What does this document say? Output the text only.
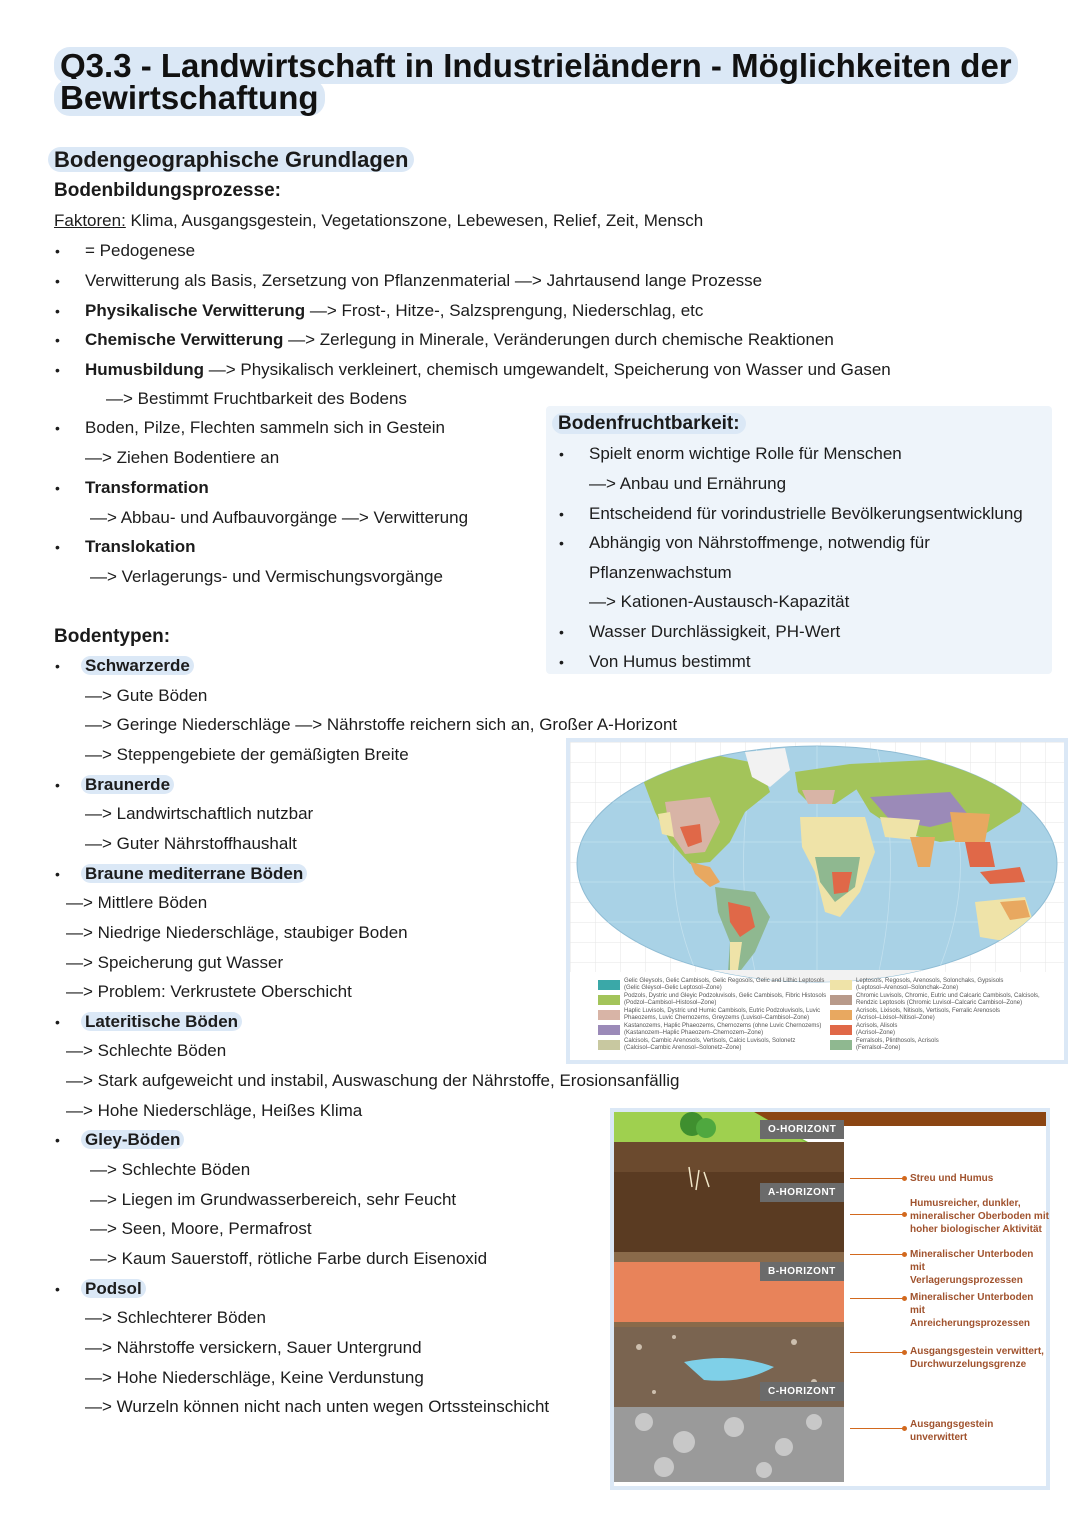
Q3.3 - Landwirtschaft in Industrieländern - Möglichkeiten der Bewirtschaftung
Bodengeographische Grundlagen
Bodenbildungsprozesse:
Faktoren: Klima, Ausgangsgestein, Vegetationszone, Lebewesen, Relief, Zeit, Mensch
• = Pedogenese
• Verwitterung als Basis, Zersetzung von Pflanzenmaterial —> Jahrtausend lange Prozesse
• Physikalische Verwitterung —> Frost-, Hitze-, Salzsprengung, Niederschlag, etc
• Chemische Verwitterung —> Zerlegung in Minerale, Veränderungen durch chemische Reaktionen
• Humusbildung —> Physikalisch verkleinert, chemisch umgewandelt, Speicherung von Wasser und Gasen
—> Bestimmt Fruchtbarkeit des Bodens
• Boden, Pilze, Flechten sammeln sich in Gestein
—> Ziehen Bodentiere an
• Transformation
—> Abbau- und Aufbauvorgänge —> Verwitterung
• Translokation
—> Verlagerungs- und Vermischungsvorgänge
Bodenfruchtbarkeit:
• Spielt enorm wichtige Rolle für Menschen
—> Anbau und Ernährung
• Entscheidend für vorindustrielle Bevölkerungsentwicklung
• Abhängig von Nährstoffmenge, notwendig für
Pflanzenwachstum
—> Kationen-Austausch-Kapazität
• Wasser Durchlässigkeit, PH-Wert
• Von Humus bestimmt
Bodentypen:
• Schwarzerde
—> Gute Böden
—> Geringe Niederschläge —> Nährstoffe reichern sich an, Großer A-Horizont
—> Steppengebiete der gemäßigten Breite
• Braunerde
—> Landwirtschaftlich nutzbar
—> Guter Nährstoffhaushalt
• Braune mediterrane Böden
—> Mittlere Böden
—> Niedrige Niederschläge, staubiger Boden
—> Speicherung gut Wasser
—> Problem: Verkrustete Oberschicht
• Lateritische Böden
—> Schlechte Böden
—> Stark aufgeweicht und instabil, Auswaschung der Nährstoffe, Erosionsanfällig
—> Hohe Niederschläge, Heißes Klima
• Gley-Böden
—> Schlechte Böden
—> Liegen im Grundwasserbereich, sehr Feucht
—> Seen, Moore, Permafrost
—> Kaum Sauerstoff, rötliche Farbe durch Eisenoxid
• Podsol
—> Schlechterer Böden
—> Nährstoffe versickern, Sauer Untergrund
—> Hohe Niederschläge, Keine Verdunstung
—> Wurzeln können nicht nach unten wegen Ortssteinschicht
Gelic Gleysols, Gelic Cambisols, Gelic Regosols, Gelic and Lithic Leptosols
(Gelic Gleysol–Gelic Leptosol–Zone)
Podzols, Dystric und Gleyic Podzoluvisols, Gelic Cambisols, Fibric Histosols
(Podzol–Cambisol–Histosol–Zone)
Haplic Luvisols, Dystric und Humic Cambisols, Eutric Podzoluvisols, Luvic
Phaeozems, Luvic Chernozems, Greyzems (Luvisol–Cambisol–Zone)
Kastanozems, Haplic Phaeozems, Chernozems (ohne Luvic Chernozems)
(Kastanozem–Haplic Phaeozem–Chernozem–Zone)
Calcisols, Cambic Arenosols, Vertisols, Calcic Luvisols, Solonetz
(Calcisol–Cambic Arenosol–Solonetz–Zone)
Leptosols, Regosols, Arenosols, Solonchaks, Gypsisols
(Leptosol–Arenosol–Solonchak–Zone)
Chromic Luvisols, Chromic, Eutric und Calcaric Cambisols, Calcisols,
Rendzic Leptosols (Chromic Luvisol–Calcaric Cambisol–Zone)
Acrisols, Lixisols, Nitisols, Vertisols, Ferralic Arenosols
(Acrisol–Lixisol–Nitisol–Zone)
Acrisols, Alisols
(Acrisol–Zone)
Ferralsols, Plinthosols, Acrisols
(Ferralsol–Zone)
O-HORIZONT
A-HORIZONT
B-HORIZONT
C-HORIZONT
Streu und Humus
Humusreicher, dunkler,
mineralischer Oberboden mit
hoher biologischer Aktivität
Mineralischer Unterboden mit
Verlagerungsprozessen
Mineralischer Unterboden mit
Anreicherungsprozessen
Ausgangsgestein verwittert,
Durchwurzelungsgrenze
Ausgangsgestein
unverwittert
